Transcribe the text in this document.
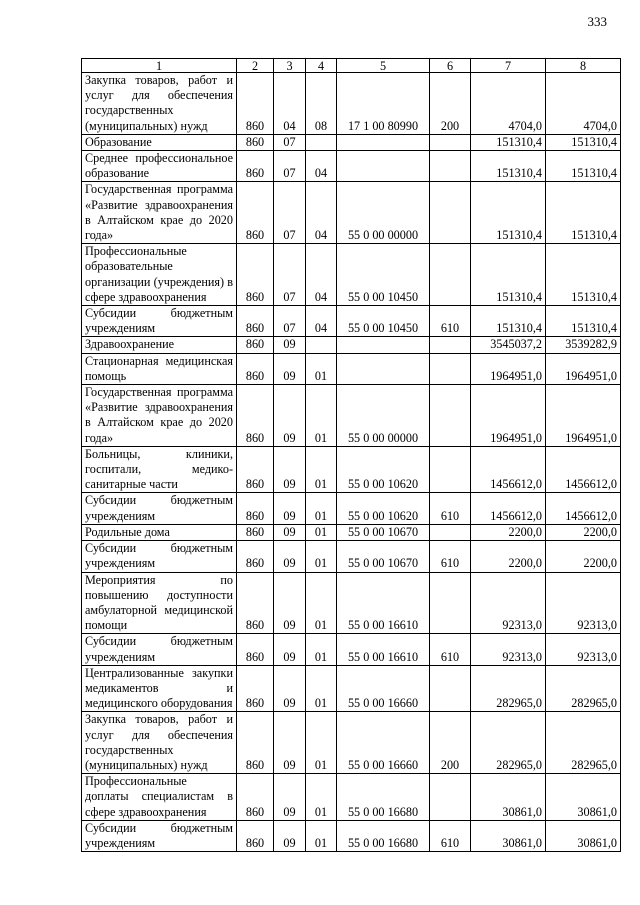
333
1	2	3	4	5	6	7	8
Закупка товаров, работ и услуг для обеспечения государственных (муниципальных) нужд	860	04	08	17 1 00 80990	200	4704,0	4704,0
Образование	860	07				151310,4	151310,4
Среднее профессиональное образование	860	07	04			151310,4	151310,4
Государственная программа «Развитие здравоохранения в Алтайском крае до 2020 года»	860	07	04	55 0 00 00000		151310,4	151310,4
Профессиональные образовательные организации (учреждения) в сфере здравоохранения	860	07	04	55 0 00 10450		151310,4	151310,4
Субсидии бюджетным учреждениям	860	07	04	55 0 00 10450	610	151310,4	151310,4
Здравоохранение	860	09				3545037,2	3539282,9
Стационарная медицинская помощь	860	09	01			1964951,0	1964951,0
Государственная программа «Развитие здравоохранения в Алтайском крае до 2020 года»	860	09	01	55 0 00 00000		1964951,0	1964951,0
Больницы, клиники, госпитали, медико-санитарные части	860	09	01	55 0 00 10620		1456612,0	1456612,0
Субсидии бюджетным учреждениям	860	09	01	55 0 00 10620	610	1456612,0	1456612,0
Родильные дома	860	09	01	55 0 00 10670		2200,0	2200,0
Субсидии бюджетным учреждениям	860	09	01	55 0 00 10670	610	2200,0	2200,0
Мероприятия по повышению доступности амбулаторной медицинской помощи	860	09	01	55 0 00 16610		92313,0	92313,0
Субсидии бюджетным учреждениям	860	09	01	55 0 00 16610	610	92313,0	92313,0
Централизованные закупки медикаментов и медицинского оборудования	860	09	01	55 0 00 16660		282965,0	282965,0
Закупка товаров, работ и услуг для обеспечения государственных (муниципальных) нужд	860	09	01	55 0 00 16660	200	282965,0	282965,0
Профессиональные доплаты специалистам в сфере здравоохранения	860	09	01	55 0 00 16680		30861,0	30861,0
Субсидии бюджетным учреждениям	860	09	01	55 0 00 16680	610	30861,0	30861,0
